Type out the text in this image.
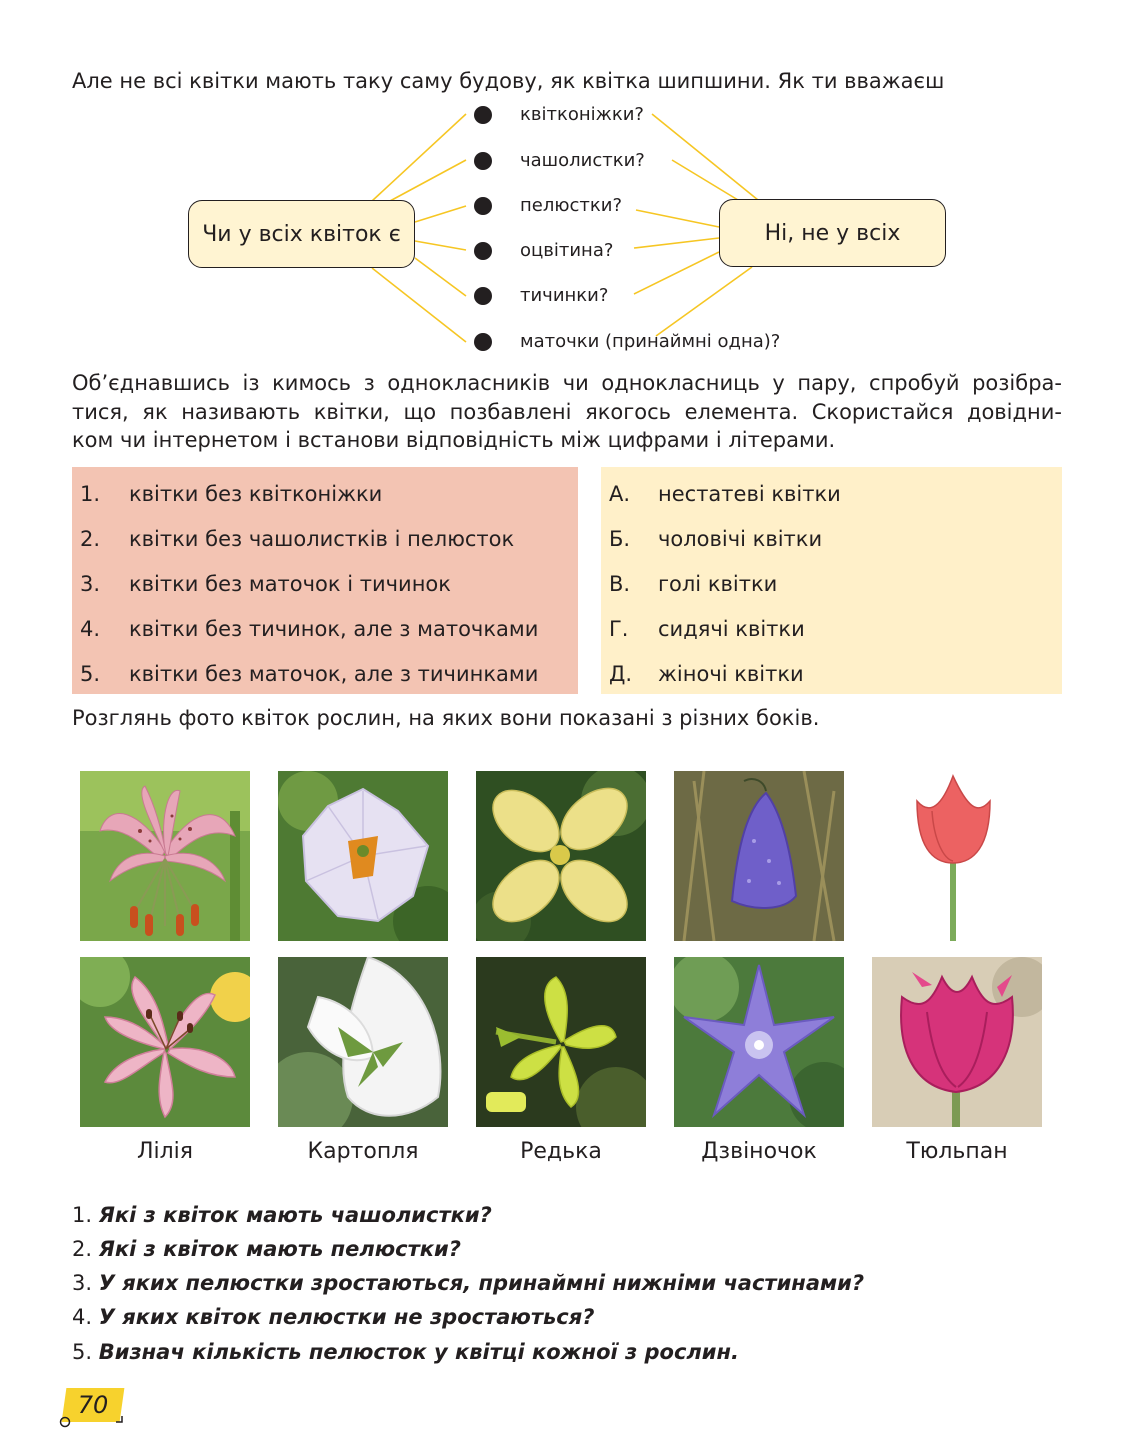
Але не всі квітки мають таку саму будову, як квітка шипшини. Як ти вважаєш
Чи у всіх квіток є	Ні, не у всіх
квітконіжки?
чашолистки?
пелюстки?
оцвітина?
тичинки?
маточки (принаймні одна)?
Об’єднавшись із кимось з однокласників чи однокласниць у пару, спробуй розібра-
тися, як називають квітки, що позбавлені якогось елемента. Скористайся довідни-
ком чи інтернетом і встанови відповідність між цифрами і літерами.
1.	квітки без квітконіжки
2.	квітки без чашолистків і пелюсток
3.	квітки без маточок і тичинок
4.	квітки без тичинок, але з маточками
5.	квітки без маточок, але з тичинками
А.	нестатеві квітки
Б.	чоловічі квітки
В.	голі квітки
Г.	сидячі квітки
Д.	жіночі квітки
Розглянь фото квіток рослин, на яких вони показані з різних боків.
Лілія	Картопля	Редька	Дзвіночок	Тюльпан
1. Які з квіток мають чашолистки?
2. Які з квіток мають пелюстки?
3. У яких пелюстки зростаються, принаймні нижніми частинами?
4. У яких квіток пелюстки не зростаються?
5. Визнач кількість пелюсток у квітці кожної з рослин.
70
